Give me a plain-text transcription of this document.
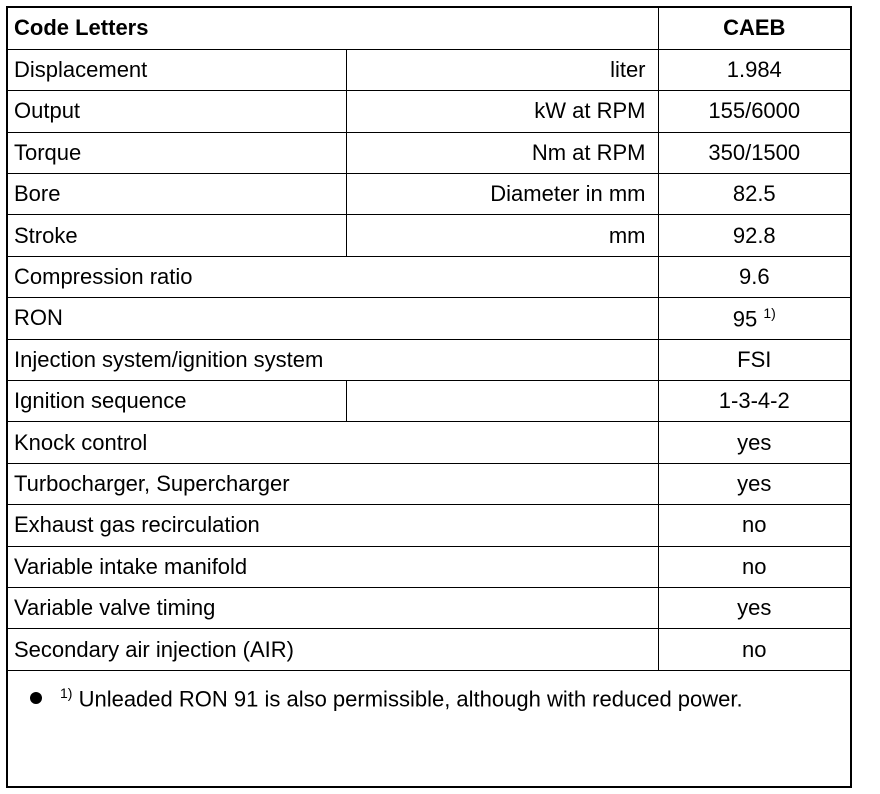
Code Letters		CAEB
Displacement	liter	1.984
Output	kW at RPM	155/6000
Torque	Nm at RPM	350/1500
Bore	Diameter in mm	82.5
Stroke	mm	92.8
Compression ratio		9.6
RON		95 $^{1)}$
Injection system/ignition system		FSI
Ignition sequence		1-3-4-2
Knock control		yes
Turbocharger, Supercharger		yes
Exhaust gas recirculation		no
Variable intake manifold		no
Variable valve timing		yes
Secondary air injection (AIR)		no
$^{1)}$ Unleaded RON 91 is also permissible, although with reduced power.		
